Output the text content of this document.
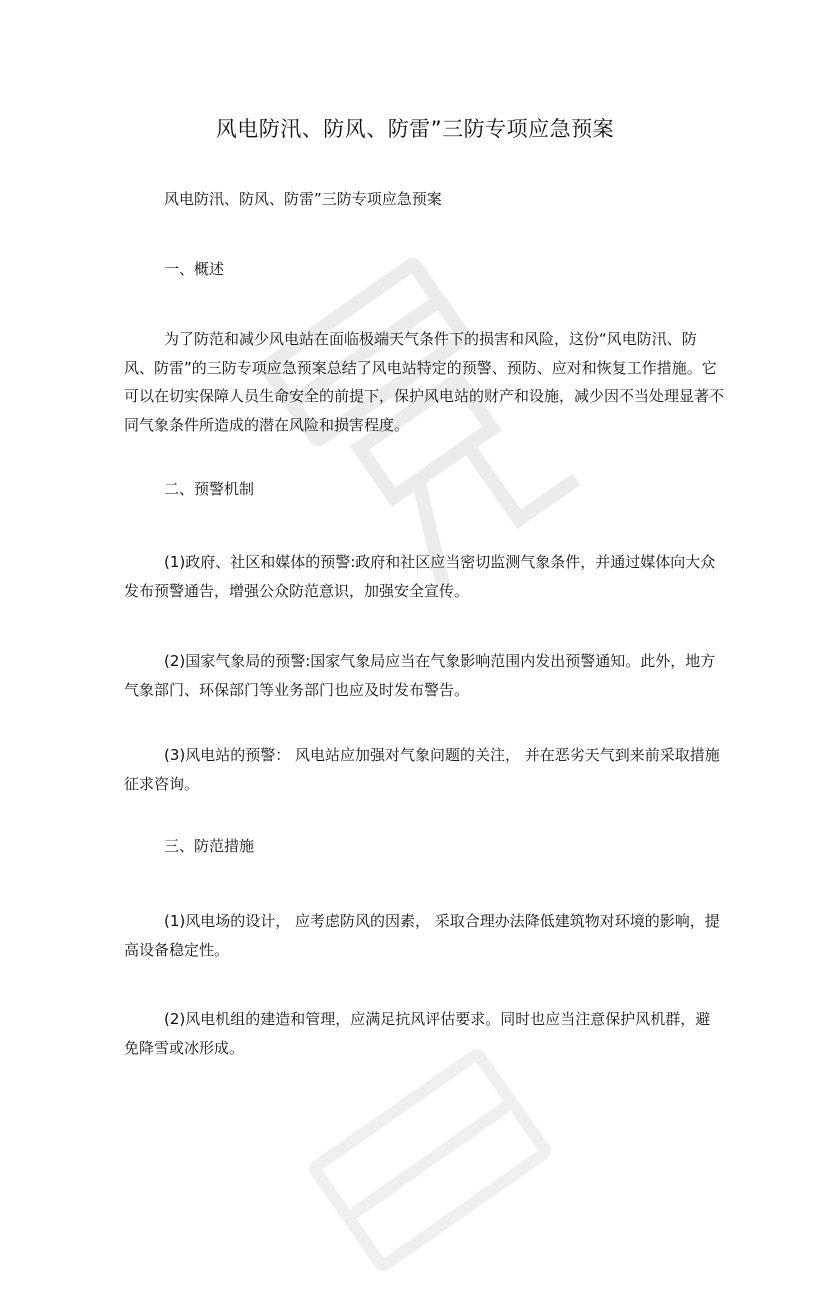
风电防汛、防风、防雷”三防专项应急预案

风电防汛、防风、防雷”三防专项应急预案

一、概述

为了防范和减少风电站在面临极端天气条件下的损害和风险，这份“风电防汛、防风、防雷”的三防专项应急预案总结了风电站特定的预警、预防、应对和恢复工作措施。它可以在切实保障人员生命安全的前提下，保护风电站的财产和设施，减少因不当处理显著不同气象条件所造成的潜在风险和损害程度。

二、预警机制

(1)政府、社区和媒体的预警:政府和社区应当密切监测气象条件，并通过媒体向大众发布预警通告，增强公众防范意识，加强安全宣传。

(2)国家气象局的预警:国家气象局应当在气象影响范围内发出预警通知。此外，地方气象部门、环保部门等业务部门也应及时发布警告。

(3)风电站的预警： 风电站应加强对气象问题的关注， 并在恶劣天气到来前采取措施征求咨询。

三、防范措施

(1)风电场的设计， 应考虑防风的因素， 采取合理办法降低建筑物对环境的影响，提高设备稳定性。

(2)风电机组的建造和管理，应满足抗风评估要求。同时也应当注意保护风机群，避免降雪或冰形成。
